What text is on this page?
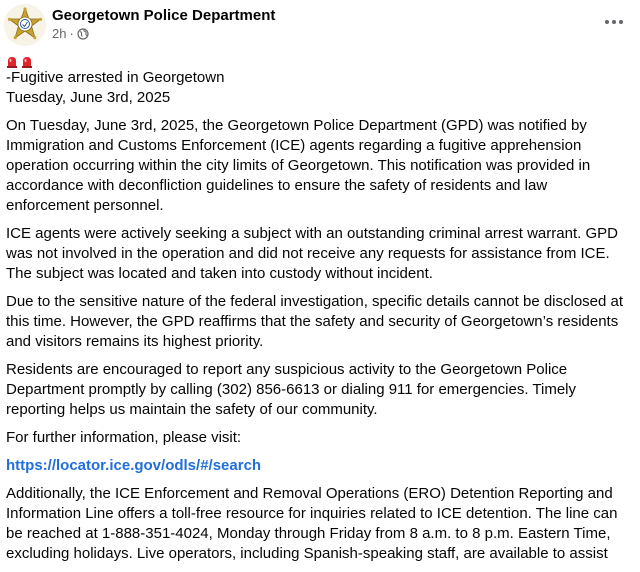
Georgetown Police Department
2h ·
-Fugitive arrested in Georgetown
Tuesday, June 3rd, 2025
On Tuesday, June 3rd, 2025, the Georgetown Police Department (GPD) was notified by Immigration and Customs Enforcement (ICE) agents regarding a fugitive apprehension operation occurring within the city limits of Georgetown. This notification was provided in accordance with deconfliction guidelines to ensure the safety of residents and law enforcement personnel.
ICE agents were actively seeking a subject with an outstanding criminal arrest warrant. GPD was not involved in the operation and did not receive any requests for assistance from ICE. The subject was located and taken into custody without incident.
Due to the sensitive nature of the federal investigation, specific details cannot be disclosed at this time. However, the GPD reaffirms that the safety and security of Georgetown’s residents and visitors remains its highest priority.
Residents are encouraged to report any suspicious activity to the Georgetown Police Department promptly by calling (302) 856-6613 or dialing 911 for emergencies. Timely reporting helps us maintain the safety of our community.
For further information, please visit:
https://locator.ice.gov/odls/#/search
Additionally, the ICE Enforcement and Removal Operations (ERO) Detention Reporting and Information Line offers a toll-free resource for inquiries related to ICE detention. The line can be reached at 1-888-351-4024, Monday through Friday from 8 a.m. to 8 p.m. Eastern Time, excluding holidays. Live operators, including Spanish-speaking staff, are available to assist
